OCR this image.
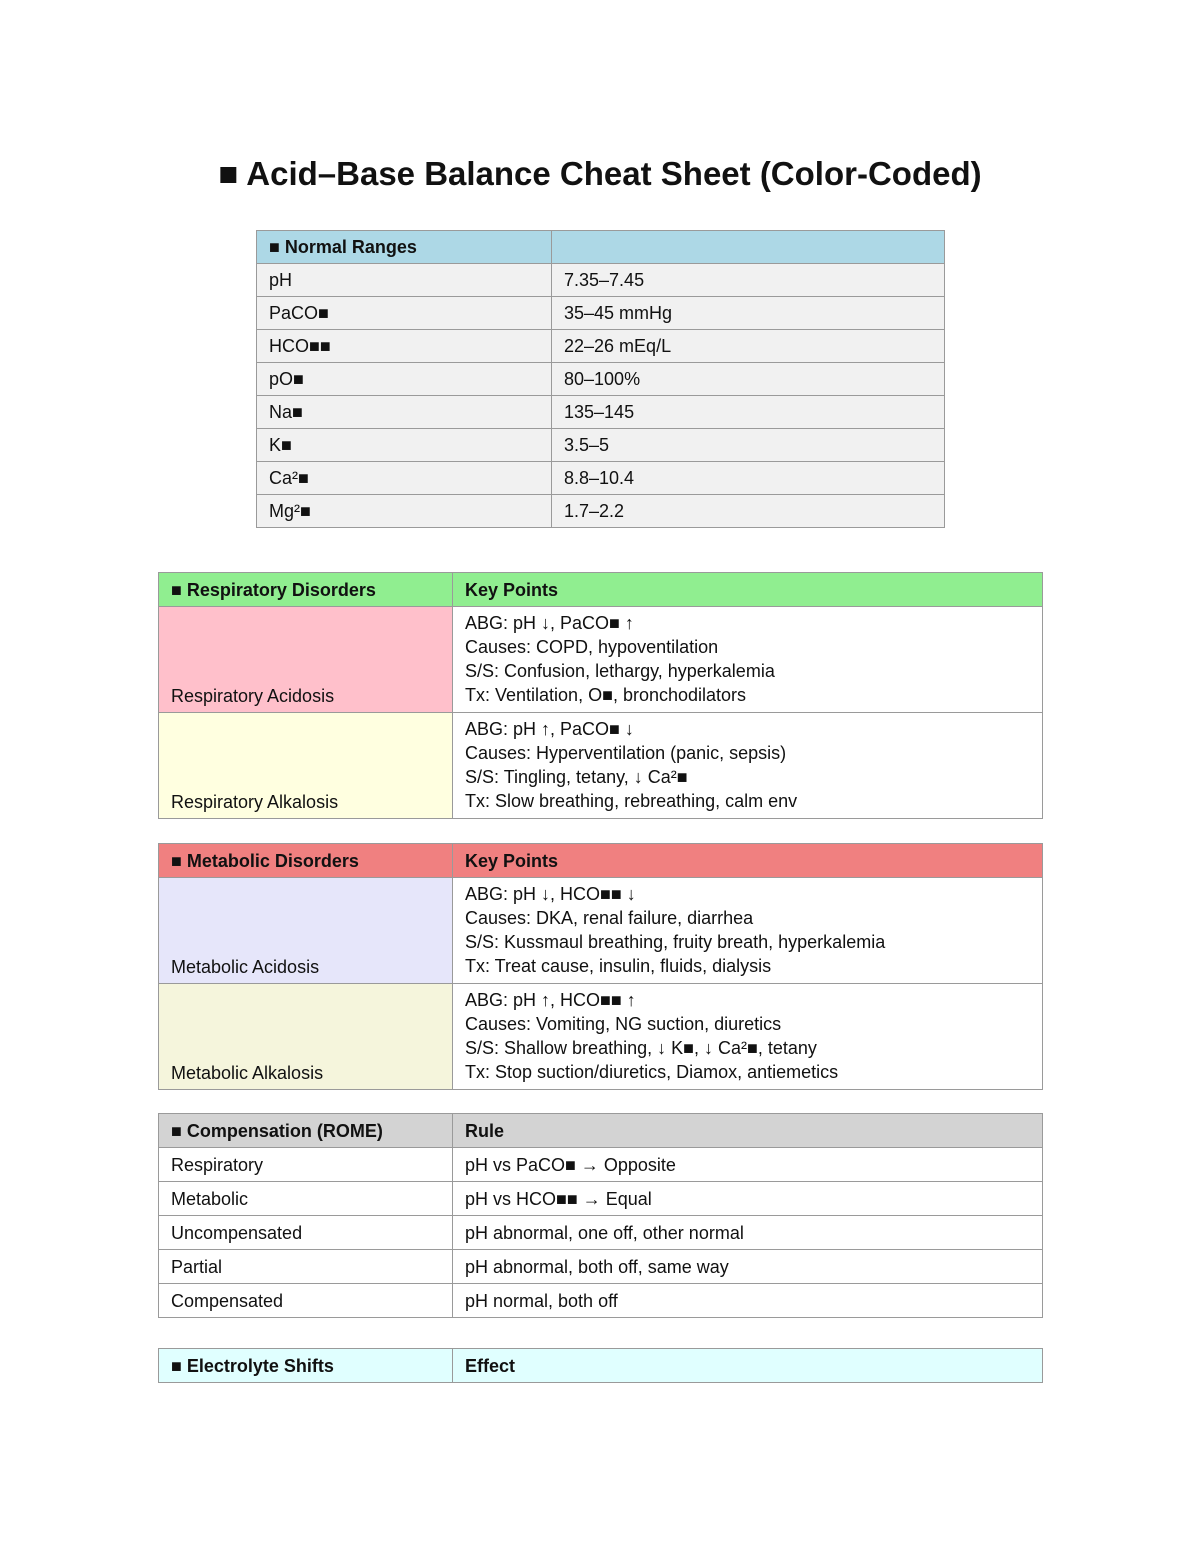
■ Acid–Base Balance Cheat Sheet (Color-Coded)
■ Normal Ranges	
pH	7.35–7.45
PaCO■	35–45 mmHg
HCO■■	22–26 mEq/L
pO■	80–100%
Na■	135–145
K■	3.5–5
Ca²■	8.8–10.4
Mg²■	1.7–2.2
■ Respiratory Disorders	Key Points
Respiratory Acidosis	ABG: pH ↓, PaCO■ ↑
Causes: COPD, hypoventilation
S/S: Confusion, lethargy, hyperkalemia
Tx: Ventilation, O■, bronchodilators

Respiratory Alkalosis	ABG: pH ↑, PaCO■ ↓
Causes: Hyperventilation (panic, sepsis)
S/S: Tingling, tetany, ↓ Ca²■
Tx: Slow breathing, rebreathing, calm env
■ Metabolic Disorders	Key Points
Metabolic Acidosis	ABG: pH ↓, HCO■■ ↓
Causes: DKA, renal failure, diarrhea
S/S: Kussmaul breathing, fruity breath, hyperkalemia
Tx: Treat cause, insulin, fluids, dialysis

Metabolic Alkalosis	ABG: pH ↑, HCO■■ ↑
Causes: Vomiting, NG suction, diuretics
S/S: Shallow breathing, ↓ K■, ↓ Ca²■, tetany
Tx: Stop suction/diuretics, Diamox, antiemetics
■ Compensation (ROME)	Rule
Respiratory	pH vs PaCO■ → Opposite
Metabolic	pH vs HCO■■ → Equal
Uncompensated	pH abnormal, one off, other normal
Partial	pH abnormal, both off, same way
Compensated	pH normal, both off
■ Electrolyte Shifts	Effect
